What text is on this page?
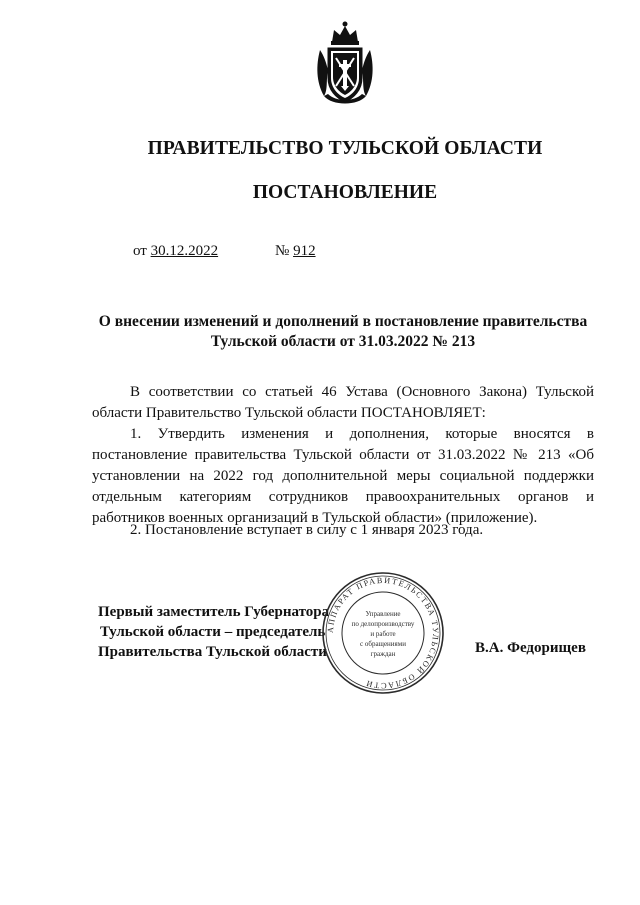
ПРАВИТЕЛЬСТВО ТУЛЬСКОЙ ОБЛАСТИ
ПОСТАНОВЛЕНИЕ
от 30.12.2022	№ 912
О внесении изменений и дополнений в постановление правительства
Тульской области от 31.03.2022 № 213
В соответствии со статьей 46 Устава (Основного Закона) Тульской области Правительство Тульской области ПОСТАНОВЛЯЕТ:
1. Утвердить изменения и дополнения, которые вносятся в постановление правительства Тульской области от 31.03.2022 № 213 «Об установлении на 2022 год дополнительной меры социальной поддержки отдельным категориям сотрудников правоохранительных органов и работников военных организаций в Тульской области» (приложение).
2. Постановление вступает в силу с 1 января 2023 года.
Первый заместитель Губернатора
Тульской области – председатель
Правительства Тульской области	В.А. Федорищев
АППАРАТ ПРАВИТЕЛЬСТВА ТУЛЬСКОЙ ОБЛАСТИ
Управление
по делопроизводству
и работе
с обращениями
граждан
